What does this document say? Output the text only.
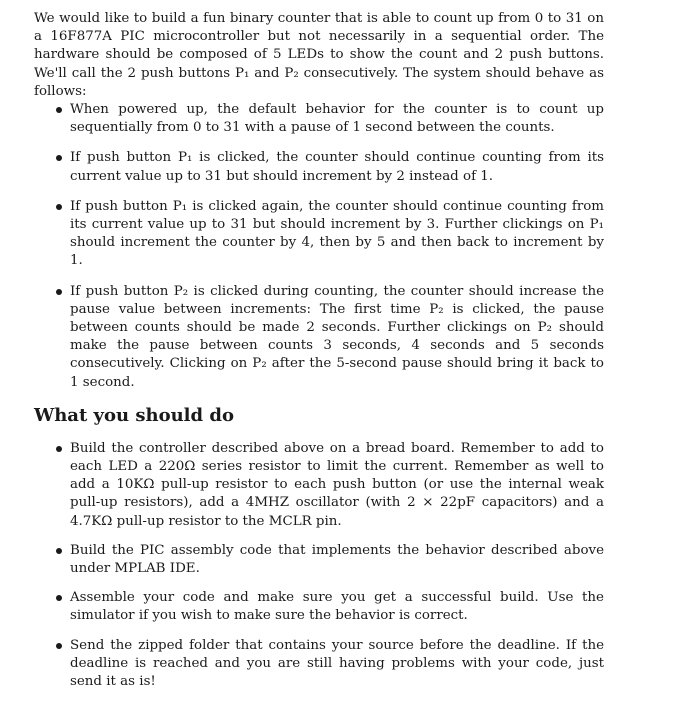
We would like to build a fun binary counter that is able to count up from 0 to 31 on a 16F877A PIC microcontroller but not necessarily in a sequential order. The hardware should be composed of 5 LEDs to show the count and 2 push buttons. We'll call the 2 push buttons P₁ and P₂ consecutively. The system should behave as follows:

When powered up, the default behavior for the counter is to count up sequentially from 0 to 31 with a pause of 1 second between the counts.
If push button P₁ is clicked, the counter should continue counting from its current value up to 31 but should increment by 2 instead of 1.
If push button P₁ is clicked again, the counter should continue counting from its current value up to 31 but should increment by 3. Further clickings on P₁ should increment the counter by 4, then by 5 and then back to increment by 1.
If push button P₂ is clicked during counting, the counter should increase the pause value between increments: The first time P₂ is clicked, the pause between counts should be made 2 seconds. Further clickings on P₂ should make the pause between counts 3 seconds, 4 seconds and 5 seconds consecutively. Clicking on P₂ after the 5-second pause should bring it back to 1 second.
What you should do
Build the controller described above on a bread board. Remember to add to each LED a 220Ω series resistor to limit the current. Remember as well to add a 10KΩ pull-up resistor to each push button (or use the internal weak pull-up resistors), add a 4MHZ oscillator (with 2 × 22pF capacitors) and a 4.7KΩ pull-up resistor to the MCLR pin.
Build the PIC assembly code that implements the behavior described above under MPLAB IDE.
Assemble your code and make sure you get a successful build. Use the simulator if you wish to make sure the behavior is correct.
Send the zipped folder that contains your source before the deadline. If the deadline is reached and you are still having problems with your code, just send it as is!
